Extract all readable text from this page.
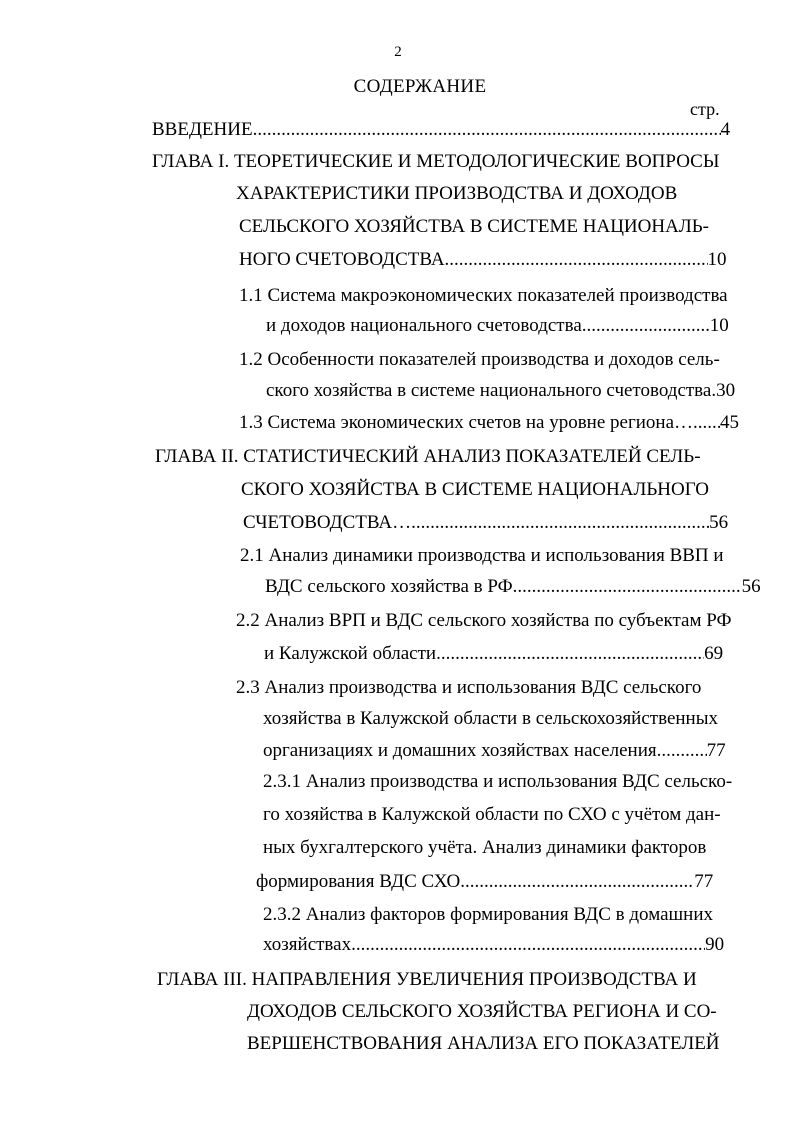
2
СОДЕРЖАНИЕ
стр.
ВВЕДЕНИЕ .....	4
ГЛАВА I. ТЕОРЕТИЧЕСКИЕ И МЕТОДОЛОГИЧЕСКИЕ ВОПРОСЫ
ХАРАКТЕРИСТИКИ ПРОИЗВОДСТВА И ДОХОДОВ
СЕЛЬСКОГО ХОЗЯЙСТВА В СИСТЕМЕ НАЦИОНАЛЬ-
НОГО СЧЕТОВОДСТВА .....	10
1.1 Система макроэкономических показателей производства
и доходов национального счетоводства .....	10
1.2 Особенности показателей производства и доходов сель-
ского хозяйства в системе национального счетоводства.30
1.3 Система экономических счетов на уровне региона… ..... 45
ГЛАВА II. СТАТИСТИЧЕСКИЙ АНАЛИЗ ПОКАЗАТЕЛЕЙ СЕЛЬ-
СКОГО ХОЗЯЙСТВА В СИСТЕМЕ НАЦИОНАЛЬНОГО
СЧЕТОВОДСТВА… .....	56
2.1 Анализ динамики производства и использования ВВП и
ВДС сельского хозяйства в РФ .....	56
2.2 Анализ ВРП и ВДС сельского хозяйства по субъектам РФ
и Калужской области .....	69
2.3 Анализ производства и использования ВДС сельского
хозяйства в Калужской области в сельскохозяйственных
организациях и домашних хозяйствах населения .....	77
2.3.1 Анализ производства и использования ВДС сельско-
го хозяйства в Калужской области по СХО с учётом дан-
ных бухгалтерского учёта. Анализ динамики факторов
формирования ВДС СХО .....	77
2.3.2 Анализ факторов формирования ВДС в домашних
хозяйствах .....	90
ГЛАВА III. НАПРАВЛЕНИЯ УВЕЛИЧЕНИЯ ПРОИЗВОДСТВА И
ДОХОДОВ СЕЛЬСКОГО ХОЗЯЙСТВА РЕГИОНА И СО-
ВЕРШЕНСТВОВАНИЯ АНАЛИЗА ЕГО ПОКАЗАТЕЛЕЙ
